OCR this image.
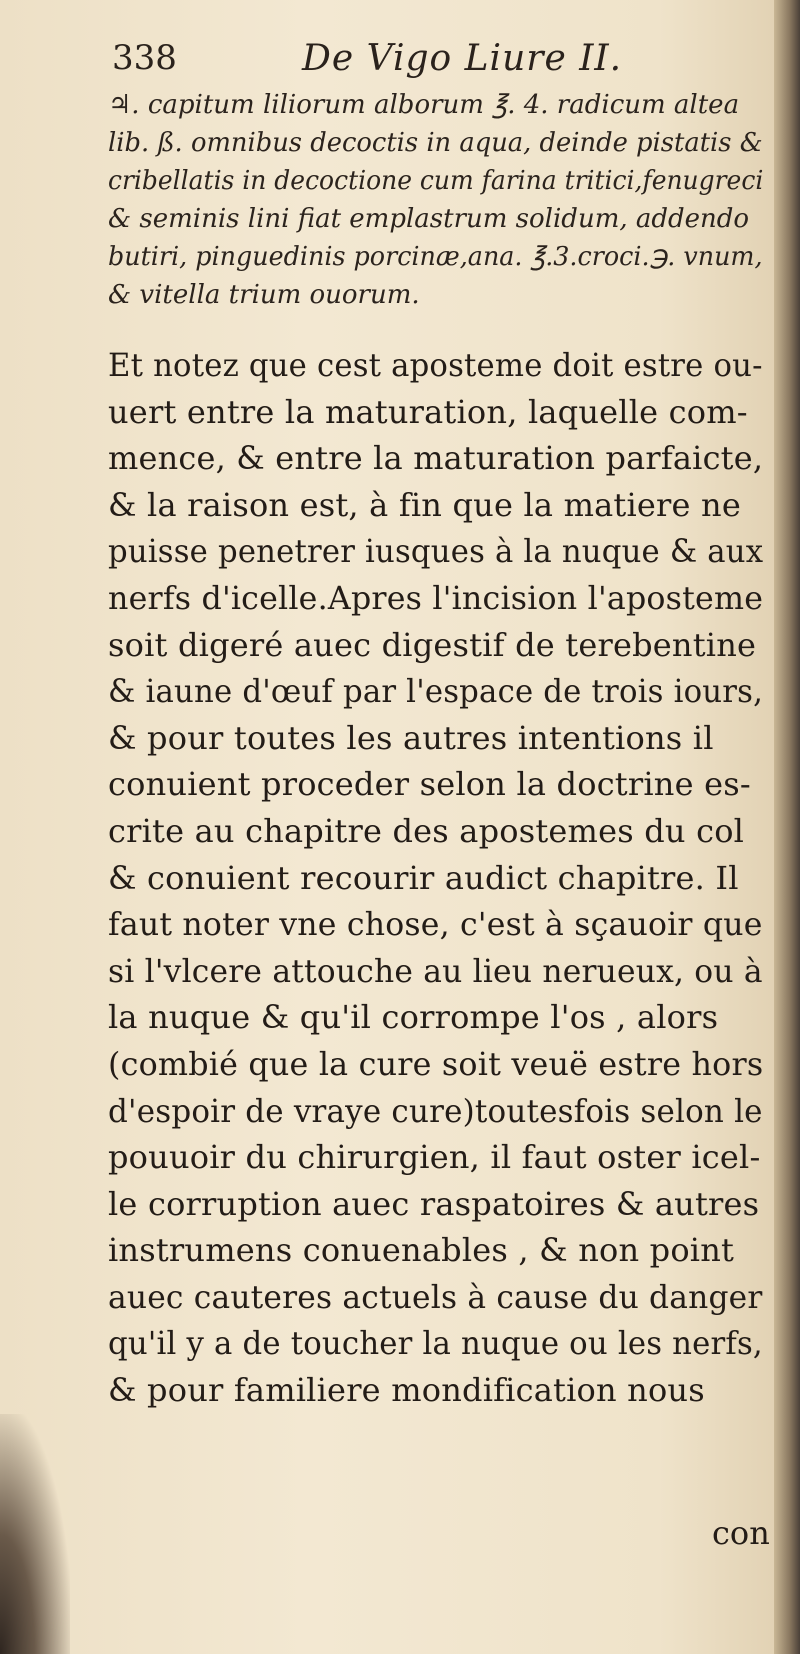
338	De Vigo Liure II.
♃. capitum liliorum alborum ℥. 4. radicum altea
lib. ß. omnibus decoctis in aqua, deinde pistatis &
cribellatis in decoctione cum farina tritici,fenugreci
& seminis lini fiat emplastrum solidum, addendo
butiri, pinguedinis porcinæ,ana. ℥.3.croci.℈. vnum,
& vitella trium ouorum.
Et notez que cest aposteme doit estre ou-
uert entre la maturation, laquelle com-
mence, & entre la maturation parfaicte,
& la raison est, à fin que la matiere ne
puisse penetrer iusques à la nuque & aux
nerfs d'icelle.Apres l'incision l'aposteme
soit digeré auec digestif de terebentine
& iaune d'œuf par l'espace de trois iours,
& pour toutes les autres intentions il
conuient proceder selon la doctrine es-
crite au chapitre des apostemes du col
& conuient recourir audict chapitre. Il
faut noter vne chose, c'est à sçauoir que
si l'vlcere attouche au lieu nerueux, ou à
la nuque & qu'il corrompe l'os , alors
(combié que la cure soit veuë estre hors
d'espoir de vraye cure)toutesfois selon le
pouuoir du chirurgien, il faut oster icel-
le corruption auec raspatoires & autres
instrumens conuenables , & non point
auec cauteres actuels à cause du danger
qu'il y a de toucher la nuque ou les nerfs,
& pour familiere mondification nous
con
